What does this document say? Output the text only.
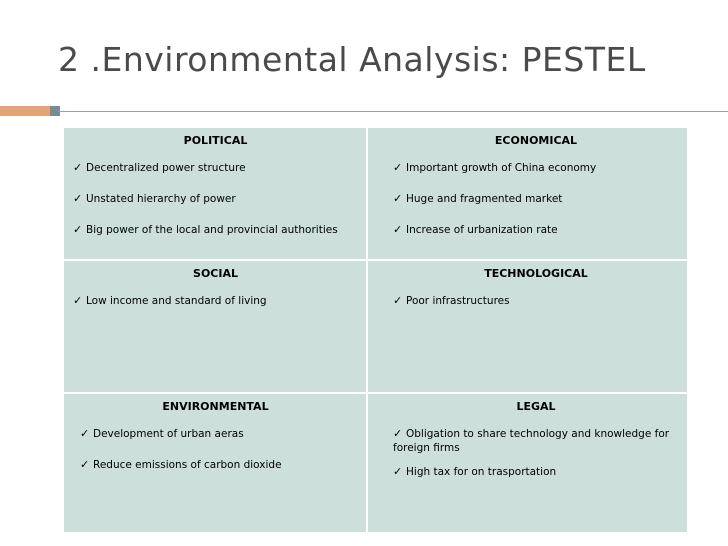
2 .Environmental Analysis: PESTEL
POLITICAL
✓ Decentralized power structure
✓ Unstated hierarchy of power
✓ Big power of the local and provincial authorities
ECONOMICAL
✓ Important growth of China economy
✓ Huge and fragmented market
✓ Increase of urbanization rate
SOCIAL
✓ Low income and standard of living
TECHNOLOGICAL
✓ Poor infrastructures
ENVIRONMENTAL
✓ Development of urban aeras
✓ Reduce emissions of carbon dioxide
LEGAL
✓ Obligation to share technology and knowledge for foreign firms
✓ High tax for on trasportation
